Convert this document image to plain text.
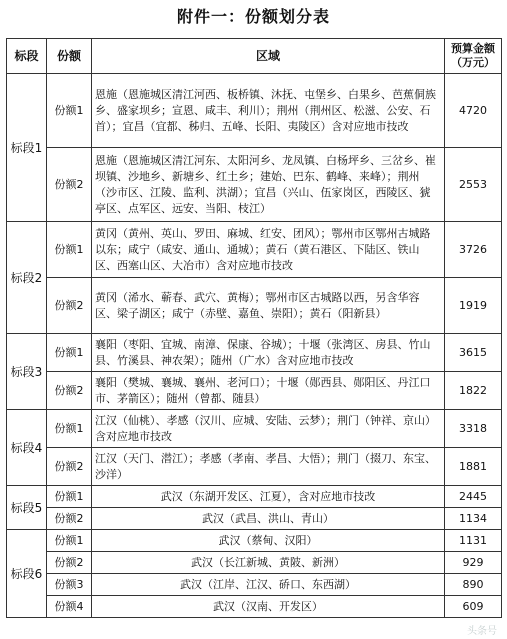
附件一：份额划分表
标段	份额	区域	预算金额（万元）
标段1	份额1	恩施（恩施城区清江河西、板桥镇、沐抚、屯堡乡、白果乡、芭蕉侗族乡、盛家坝乡；宣恩、咸丰、利川）；荆州（荆州区、松滋、公安、石首）；宜昌（宜都、秭归、五峰、长阳、夷陵区）含对应地市技改	4720
	份额2	恩施（恩施城区清江河东、太阳河乡、龙凤镇、白杨坪乡、三岔乡、崔坝镇、沙地乡、新塘乡、红土乡；建始、巴东、鹤峰、来峰）；荆州（沙市区、江陵、监利、洪湖）；宜昌（兴山、伍家岗区，西陵区、猇亭区、点军区、远安、当阳、枝江）	2553
标段2	份额1	黄冈（黄州、英山、罗田、麻城、红安、团风）；鄂州市区鄂州古城路以东；咸宁（咸安、通山、通城）；黄石（黄石港区、下陆区、铁山区、西塞山区、大冶市）含对应地市技改	3726
	份额2	黄冈（浠水、蕲春、武穴、黄梅）；鄂州市区古城路以西，另含华容区、梁子湖区；咸宁（赤壁、嘉鱼、崇阳）；黄石（阳新县）	1919
标段3	份额1	襄阳（枣阳、宜城、南漳、保康、谷城）；十堰（张湾区、房县、竹山县、竹溪县、神农架）；随州（广水）含对应地市技改	3615
	份额2	襄阳（樊城、襄城、襄州、老河口）；十堰（郧西县、郧阳区、丹江口市、茅箭区）；随州（曾都、随县）	1822
标段4	份额1	江汉（仙桃）、孝感（汉川、应城、安陆、云梦）；荆门（钟祥、京山）含对应地市技改	3318
	份额2	江汉（天门、潜江）；孝感（孝南、孝昌、大悟）；荆门（掇刀、东宝、沙洋）	1881
标段5	份额1	武汉（东湖开发区、江夏），含对应地市技改	2445
	份额2	武汉（武昌、洪山、青山）	1134
标段6	份额1	武汉（蔡甸、汉阳）	1131
	份额2	武汉（长江新城、黄陂、新洲）	929
	份额3	武汉（江岸、江汉、硚口、东西湖）	890
	份额4	武汉（汉南、开发区）	609
头条号
